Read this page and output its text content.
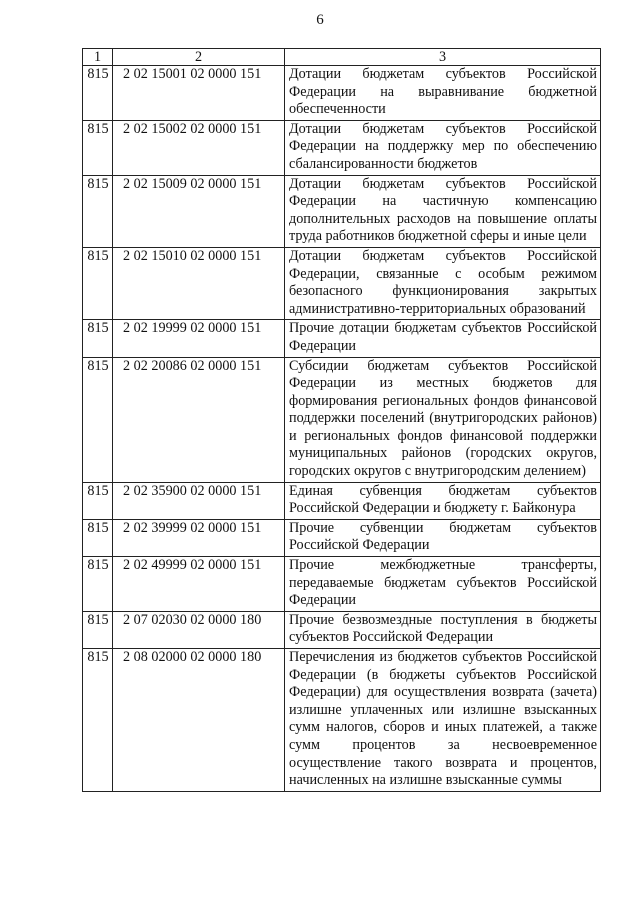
6
1	2	3
815	2 02 15001 02 0000 151	Дотации бюджетам субъектов Российской Федерации на выравнивание бюджетной обеспеченности
815	2 02 15002 02 0000 151	Дотации бюджетам субъектов Российской Федерации на поддержку мер по обеспечению сбалансированности бюджетов
815	2 02 15009 02 0000 151	Дотации бюджетам субъектов Российской Федерации на частичную компенсацию дополнительных расходов на повышение оплаты труда работников бюджетной сферы и иные цели
815	2 02 15010 02 0000 151	Дотации бюджетам субъектов Российской Федерации, связанные с особым режимом безопасного функционирования закрытых административно-территориальных образований
815	2 02 19999 02 0000 151	Прочие дотации бюджетам субъектов Российской Федерации
815	2 02 20086 02 0000 151	Субсидии бюджетам субъектов Российской Федерации из местных бюджетов для формирования региональных фондов финансовой поддержки поселений (внутригородских районов) и региональных фондов финансовой поддержки муниципальных районов (городских округов, городских округов с внутригородским делением)
815	2 02 35900 02 0000 151	Единая субвенция бюджетам субъектов Российской Федерации и бюджету г. Байконура
815	2 02 39999 02 0000 151	Прочие субвенции бюджетам субъектов Российской Федерации
815	2 02 49999 02 0000 151	Прочие межбюджетные трансферты, передаваемые бюджетам субъектов Российской Федерации
815	2 07 02030 02 0000 180	Прочие безвозмездные поступления в бюджеты субъектов Российской Федерации
815	2 08 02000 02 0000 180	Перечисления из бюджетов субъектов Российской Федерации (в бюджеты субъектов Российской Федерации) для осуществления возврата (зачета) излишне уплаченных или излишне взысканных сумм налогов, сборов и иных платежей, а также сумм процентов за несвоевременное осуществление такого возврата и процентов, начисленных на излишне взысканные суммы
